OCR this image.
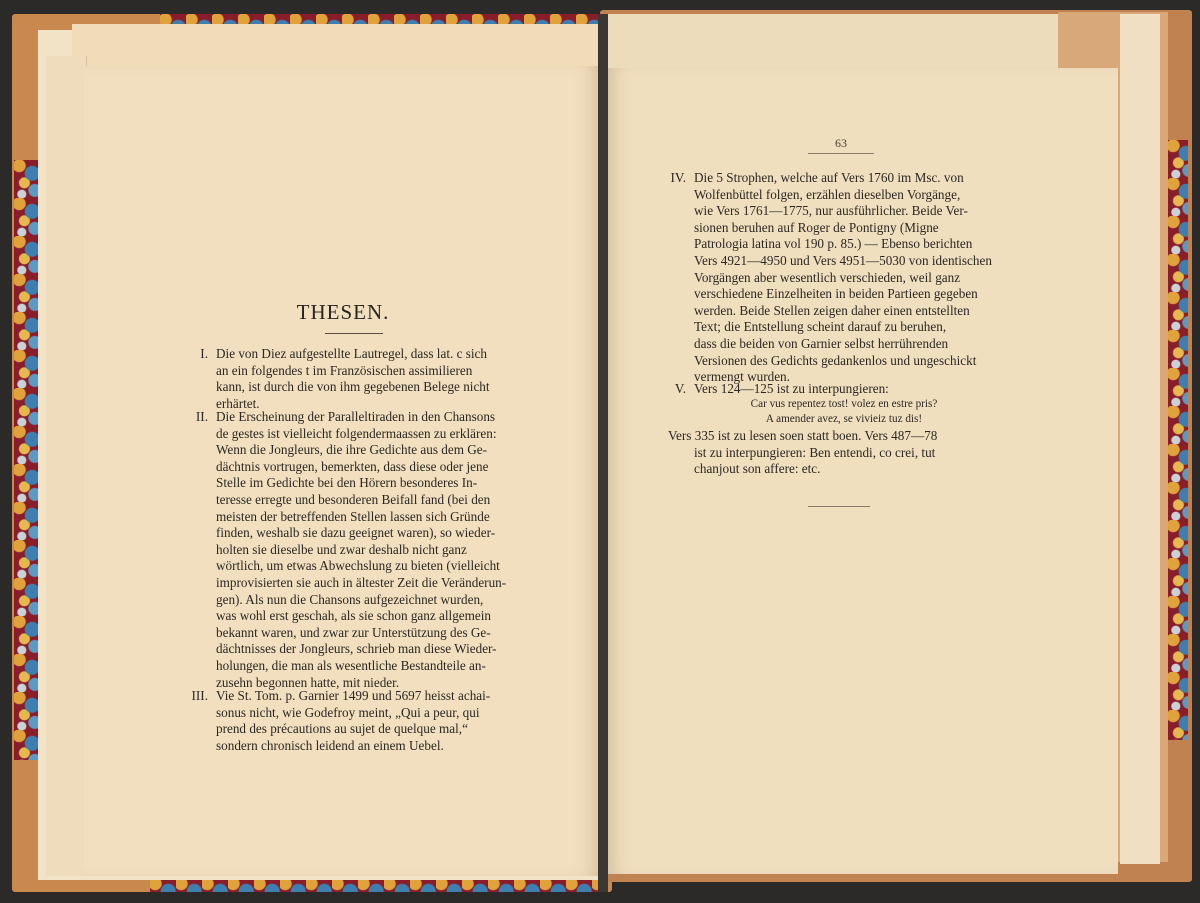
THESEN.
I. Die von Diez aufgestellte Lautregel, dass lat. c sich
an ein folgendes t im Französischen assimilieren
kann, ist durch die von ihm gegebenen Belege nicht
erhärtet.
II. Die Erscheinung der Paralleltiraden in den Chansons
de gestes ist vielleicht folgendermaassen zu erklären:
Wenn die Jongleurs, die ihre Gedichte aus dem Ge-
dächtnis vortrugen, bemerkten, dass diese oder jene
Stelle im Gedichte bei den Hörern besonderes In-
teresse erregte und besonderen Beifall fand (bei den
meisten der betreffenden Stellen lassen sich Gründe
finden, weshalb sie dazu geeignet waren), so wieder-
holten sie dieselbe und zwar deshalb nicht ganz
wörtlich, um etwas Abwechslung zu bieten (vielleicht
improvisierten sie auch in ältester Zeit die Veränderun-
gen). Als nun die Chansons aufgezeichnet wurden,
was wohl erst geschah, als sie schon ganz allgemein
bekannt waren, und zwar zur Unterstützung des Ge-
dächtnisses der Jongleurs, schrieb man diese Wieder-
holungen, die man als wesentliche Bestandteile an-
zusehn begonnen hatte, mit nieder.
III. Vie St. Tom. p. Garnier 1499 und 5697 heisst achai-
sonus nicht, wie Godefroy meint, „Qui a peur, qui
prend des précautions au sujet de quelque mal,“
sondern chronisch leidend an einem Uebel.
63
IV. Die 5 Strophen, welche auf Vers 1760 im Msc. von
Wolfenbüttel folgen, erzählen dieselben Vorgänge,
wie Vers 1761—1775, nur ausführlicher. Beide Ver-
sionen beruhen auf Roger de Pontigny (Migne
Patrologia latina vol 190 p. 85.) — Ebenso berichten
Vers 4921—4950 und Vers 4951—5030 von identischen
Vorgängen aber wesentlich verschieden, weil ganz
verschiedene Einzelheiten in beiden Partieen gegeben
werden. Beide Stellen zeigen daher einen entstellten
Text; die Entstellung scheint darauf zu beruhen,
dass die beiden von Garnier selbst herrührenden
Versionen des Gedichts gedankenlos und ungeschickt
vermengt wurden.
V. Vers 124—125 ist zu interpungieren:
Car vus repentez tost! volez en estre pris?
A amender avez, se vivieiz tuz dis!
Vers 335 ist zu lesen soen statt boen. Vers 487—78
ist zu interpungieren: Ben entendi, co crei, tut
chanjout son affere: etc.
